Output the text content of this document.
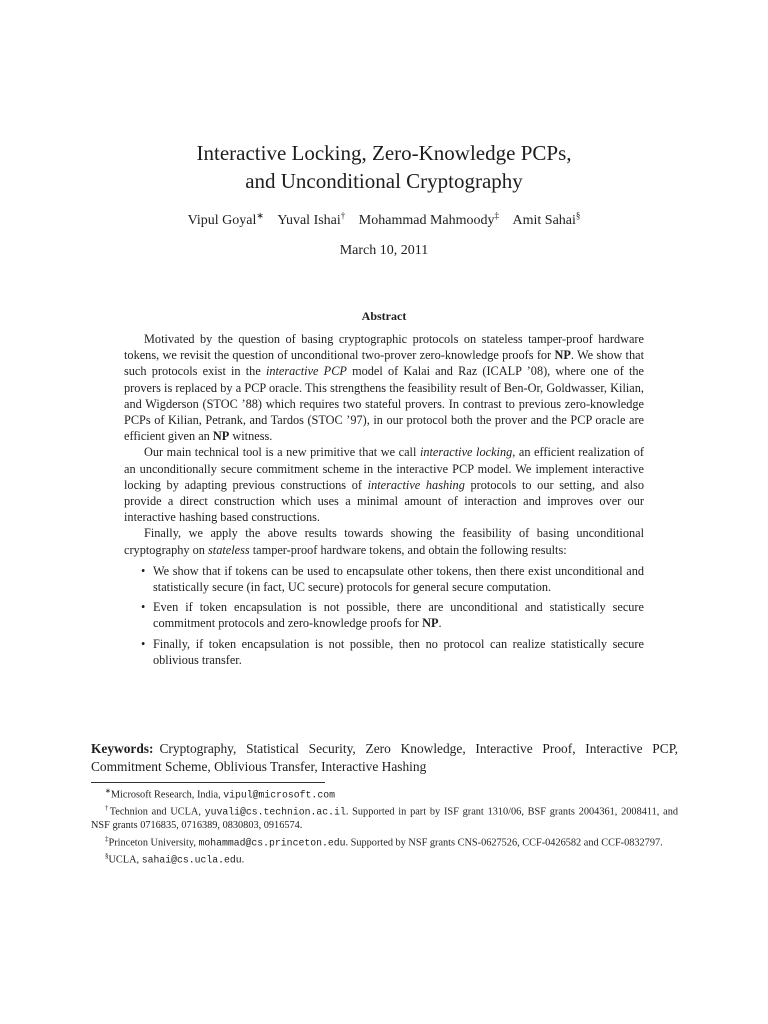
Interactive Locking, Zero-Knowledge PCPs,
and Unconditional Cryptography
Vipul Goyal∗ Yuval Ishai† Mohammad Mahmoody‡ Amit Sahai§
March 10, 2011
Abstract

Motivated by the question of basing cryptographic protocols on stateless tamper-proof hardware tokens, we revisit the question of unconditional two-prover zero-knowledge proofs for NP. We show that such protocols exist in the interactive PCP model of Kalai and Raz (ICALP ’08), where one of the provers is replaced by a PCP oracle. This strengthens the feasibility result of Ben-Or, Goldwasser, Kilian, and Wigderson (STOC ’88) which requires two stateful provers. In contrast to previous zero-knowledge PCPs of Kilian, Petrank, and Tardos (STOC ’97), in our protocol both the prover and the PCP oracle are efficient given an NP witness.

Our main technical tool is a new primitive that we call interactive locking, an efficient realization of an unconditionally secure commitment scheme in the interactive PCP model. We implement interactive locking by adapting previous constructions of interactive hashing protocols to our setting, and also provide a direct construction which uses a minimal amount of interaction and improves over our interactive hashing based constructions.

Finally, we apply the above results towards showing the feasibility of basing unconditional cryptography on stateless tamper-proof hardware tokens, and obtain the following results:

• We show that if tokens can be used to encapsulate other tokens, then there exist unconditional and statistically secure (in fact, UC secure) protocols for general secure computation.
• Even if token encapsulation is not possible, there are unconditional and statistically secure commitment protocols and zero-knowledge proofs for NP.
• Finally, if token encapsulation is not possible, then no protocol can realize statistically secure oblivious transfer.
Keywords: Cryptography, Statistical Security, Zero Knowledge, Interactive Proof, Interactive PCP, Commitment Scheme, Oblivious Transfer, Interactive Hashing
∗Microsoft Research, India, vipul@microsoft.com
†Technion and UCLA, yuvali@cs.technion.ac.il. Supported in part by ISF grant 1310/06, BSF grants 2004361, 2008411, and NSF grants 0716835, 0716389, 0830803, 0916574.
‡Princeton University, mohammad@cs.princeton.edu. Supported by NSF grants CNS-0627526, CCF-0426582 and CCF-0832797.
§UCLA, sahai@cs.ucla.edu.
